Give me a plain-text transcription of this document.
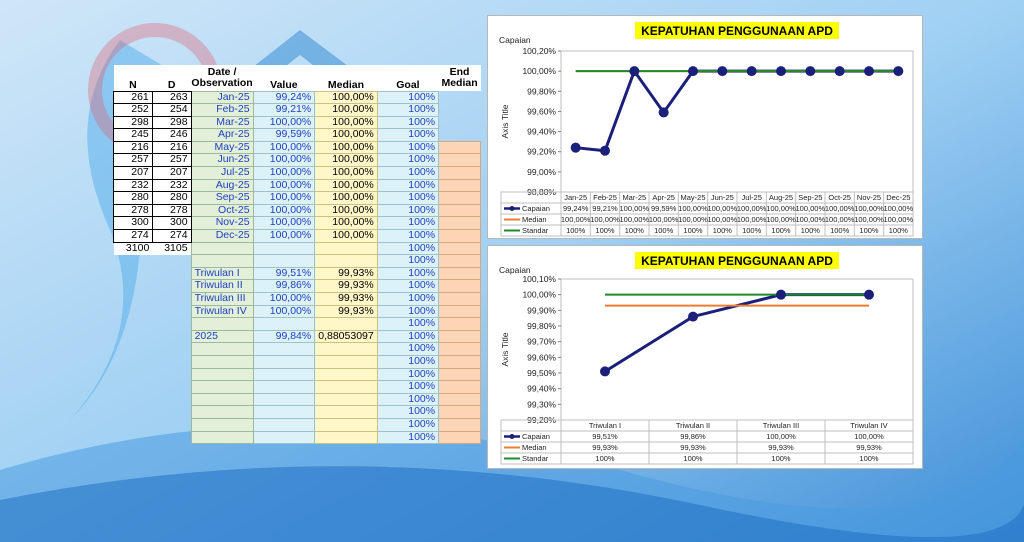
N	D	Date /
Observation	Value	Median	Goal	End
Median
261	263	Jan-25	99,24%	100,00%	100%	
252	254	Feb-25	99,21%	100,00%	100%	
298	298	Mar-25	100,00%	100,00%	100%	
245	246	Apr-25	99,59%	100,00%	100%	
216	216	May-25	100,00%	100,00%	100%	
257	257	Jun-25	100,00%	100,00%	100%	
207	207	Jul-25	100,00%	100,00%	100%	
232	232	Aug-25	100,00%	100,00%	100%	
280	280	Sep-25	100,00%	100,00%	100%	
278	278	Oct-25	100,00%	100,00%	100%	
300	300	Nov-25	100,00%	100,00%	100%	
274	274	Dec-25	100,00%	100,00%	100%	
3100	3105				100%	
					100%	
		Triwulan I	99,51%	99,93%	100%	
		Triwulan II	99,86%	99,93%	100%	
		Triwulan III	100,00%	99,93%	100%	
		Triwulan IV	100,00%	99,93%	100%	
					100%	
		2025	99,84%	0,88053097	100%	
					100%	
					100%	
					100%	
					100%	
					100%	
					100%	
					100%	
					100%	
KEPATUHAN PENGGUNAAN APD
Capaian
Axis Title
98,80%
99,00%
99,20%
99,40%
99,60%
99,80%
100,00%
100,20%
Jan-25 Feb-25 Mar-25 Apr-25 May-25 Jun-25 Jul-25 Aug-25 Sep-25 Oct-25 Nov-25 Dec-25
Capaian 99,24% 99,21% 100,00% 99,59% 100,00% 100,00% 100,00% 100,00% 100,00% 100,00% 100,00% 100,00%
Median 100,00% 100,00% 100,00% 100,00% 100,00% 100,00% 100,00% 100,00% 100,00% 100,00% 100,00% 100,00%
Standar 100% 100% 100% 100% 100% 100% 100% 100% 100% 100% 100% 100%
KEPATUHAN PENGGUNAAN APD
Capaian
Axis Title
99,20%
99,30%
99,40%
99,50%
99,60%
99,70%
99,80%
99,90%
100,00%
100,10%
Triwulan I	Triwulan II	Triwulan III	Triwulan IV
Capaian	99,51%	99,86%	100,00%	100,00%
Median	99,93%	99,93%	99,93%	99,93%
Standar	100%	100%	100%	100%
